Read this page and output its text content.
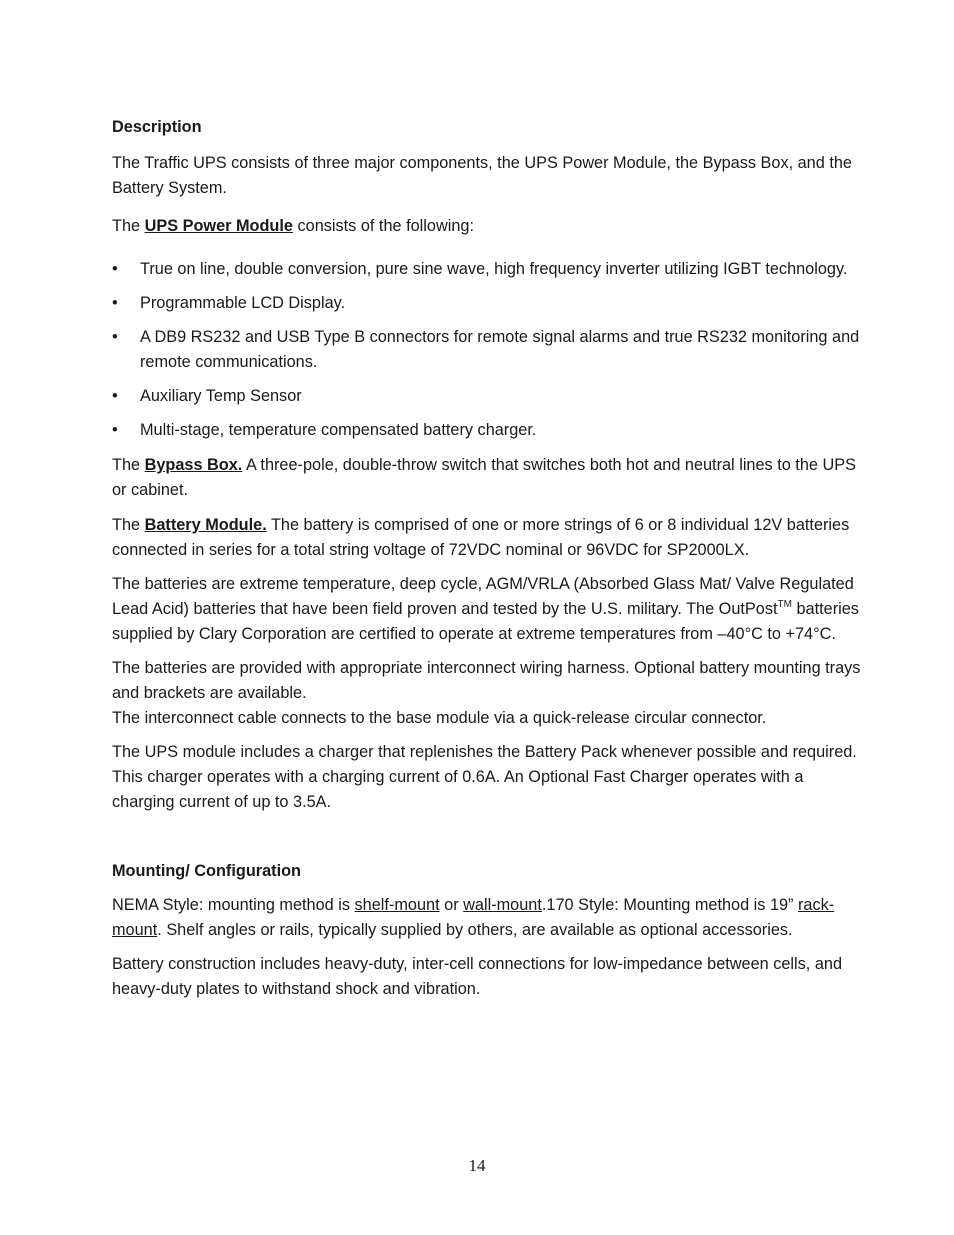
Description

The Traffic UPS consists of three major components, the UPS Power Module, the Bypass Box, and the Battery System.

The UPS Power Module consists of the following:

• True on line, double conversion, pure sine wave, high frequency inverter utilizing IGBT technology.
• Programmable LCD Display.
• A DB9 RS232 and USB Type B connectors for remote signal alarms and true RS232 monitoring and remote communications.
• Auxiliary Temp Sensor
• Multi-stage, temperature compensated battery charger.

The Bypass Box. A three-pole, double-throw switch that switches both hot and neutral lines to the UPS or cabinet.

The Battery Module. The battery is comprised of one or more strings of 6 or 8 individual 12V batteries connected in series for a total string voltage of 72VDC nominal or 96VDC for SP2000LX.

The batteries are extreme temperature, deep cycle, AGM/VRLA (Absorbed Glass Mat/ Valve Regulated Lead Acid) batteries that have been field proven and tested by the U.S. military. The OutPost™ batteries supplied by Clary Corporation are certified to operate at extreme temperatures from –40°C to +74°C.

The batteries are provided with appropriate interconnect wiring harness. Optional battery mounting trays and brackets are available.
The interconnect cable connects to the base module via a quick-release circular connector.

The UPS module includes a charger that replenishes the Battery Pack whenever possible and required. This charger operates with a charging current of 0.6A. An Optional Fast Charger operates with a charging current of up to 3.5A.

Mounting/ Configuration

NEMA Style: mounting method is shelf-mount or wall-mount.170 Style: Mounting method is 19” rack-mount. Shelf angles or rails, typically supplied by others, are available as optional accessories.

Battery construction includes heavy-duty, inter-cell connections for low-impedance between cells, and heavy-duty plates to withstand shock and vibration.

14
